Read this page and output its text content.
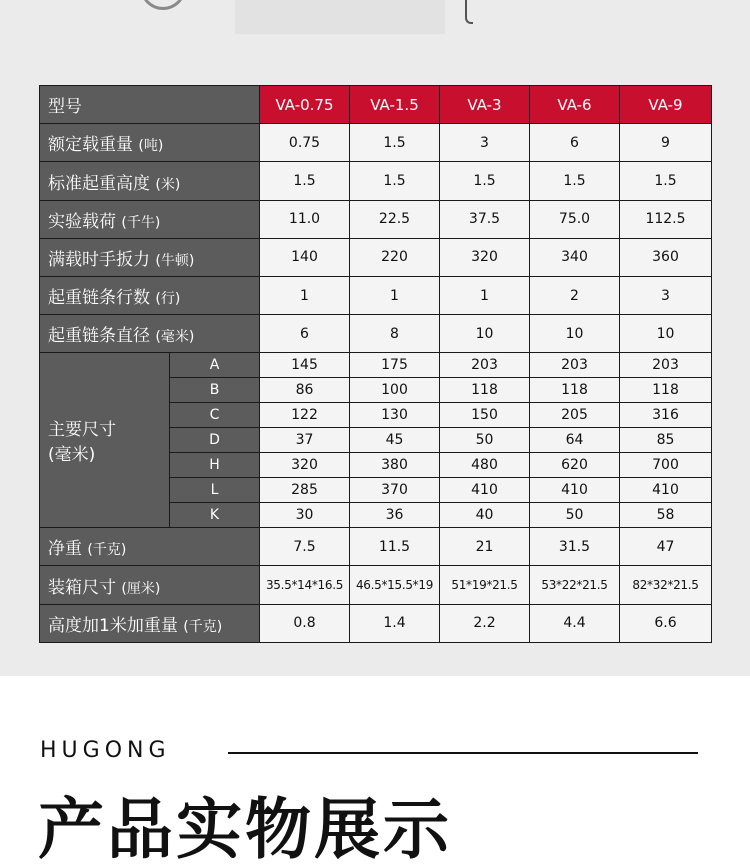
型号		VA-0.75	VA-1.5	VA-3	VA-6	VA-9
额定载重量 (吨)		0.75	1.5	3	6	9
标准起重高度 (米)		1.5	1.5	1.5	1.5	1.5
实验载荷 (千牛)		11.0	22.5	37.5	75.0	112.5
满载时手扳力 (牛顿)		140	220	320	340	360
起重链条行数 (行)		1	1	1	2	3
起重链条直径 (毫米)		6	8	10	10	10

主要尺寸
(毫米)	A	145	175	203	203	203
	B	86	100	118	118	118
	C	122	130	150	205	316
	D	37	45	50	64	85
	H	320	380	480	620	700
	L	285	370	410	410	410
	K	30	36	40	50	58
净重 (千克)		7.5	11.5	21	31.5	47
装箱尺寸 (厘米)		35.5*14*16.5	46.5*15.5*19	51*19*21.5	53*22*21.5	82*32*21.5
高度加1米加重量 (千克)		0.8	1.4	2.2	4.4	6.6
HUGONG
产品实物展示
